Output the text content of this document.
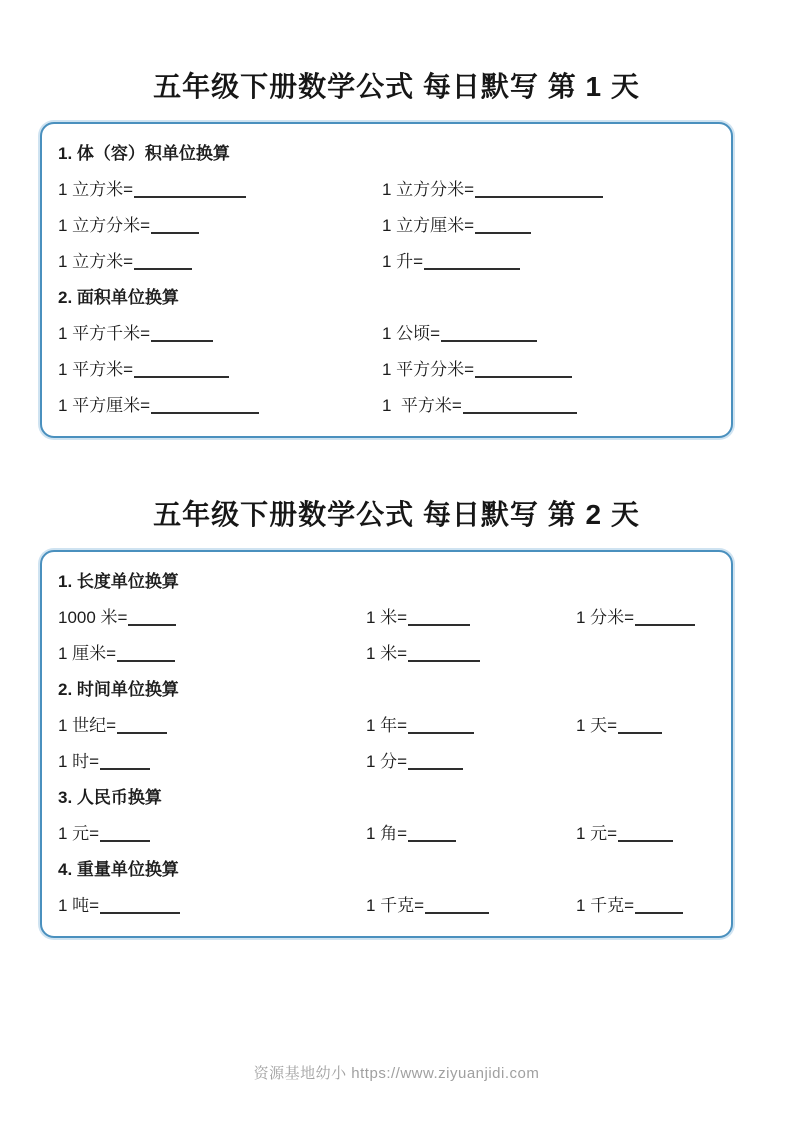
五年级下册数学公式 每日默写 第 1 天
1. 体（容）积单位换算
1 立方米=	1 立方分米=
1 立方分米=	1 立方厘米=
1 立方米=	1 升=
2. 面积单位换算
1 平方千米=	1 公顷=
1 平方米=	1 平方分米=
1 平方厘米=	1  平方米=
五年级下册数学公式 每日默写 第 2 天
1. 长度单位换算
1000 米=	1 米=	1 分米=
1 厘米=	1 米=
2. 时间单位换算
1 世纪=	1 年=	1 天=
1 时=	1 分=
3. 人民币换算
1 元=	1 角=	1 元=
4. 重量单位换算
1 吨=	1 千克=	1 千克=
资源基地幼小 https://www.ziyuanjidi.com
